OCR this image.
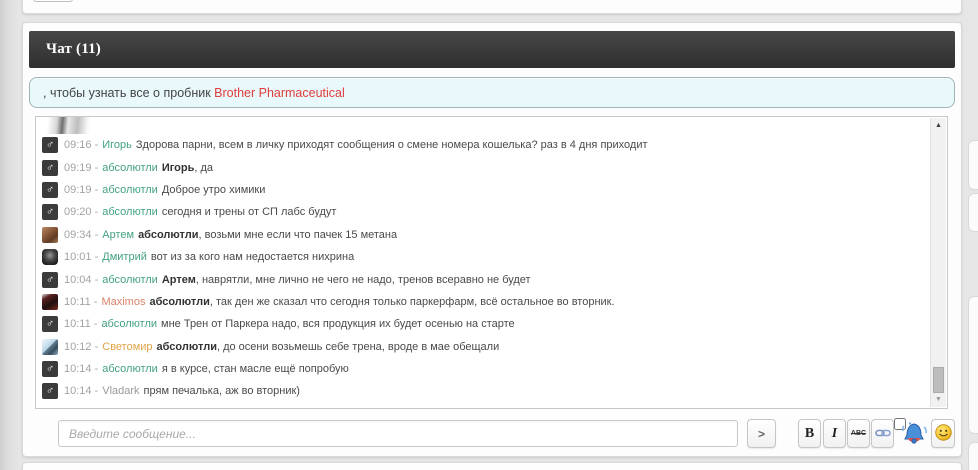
Чат (11)
, чтобы узнать все о пробник Brother Pharmaceutical
♂ 09:16 - Игорь Здорова парни, всем в личку приходят сообщения о смене номера кошелька? раз в 4 дня приходит
♂ 09:19 - абсолютли Игорь, да
♂ 09:19 - абсолютли Доброе утро химики
♂ 09:20 - абсолютли сегодня и трены от СП лабс будут
09:34 - Артем абсолютли, возьми мне если что пачек 15 метана
10:01 - Дмитрий вот из за кого нам недостается нихрина
♂ 10:04 - абсолютли Артем, наврятли, мне лично не чего не надо, тренов всеравно не будет
10:11 - Maximos абсолютли, так ден же сказал что сегодня только паркерфарм, всё остальное во вторник.
♂ 10:11 - абсолютли мне Трен от Паркера надо, вся продукция их будет осенью на старте
10:12 - Светомир абсолютли, до осени возьмешь себе трена, вроде в мае обещали
♂ 10:14 - абсолютли я в курсе, стан масле ещё попробую
♂ 10:14 - Vladark прям печалька, аж во вторник)
▲
▼
Введите сообщение...
>	B	I	ABC
